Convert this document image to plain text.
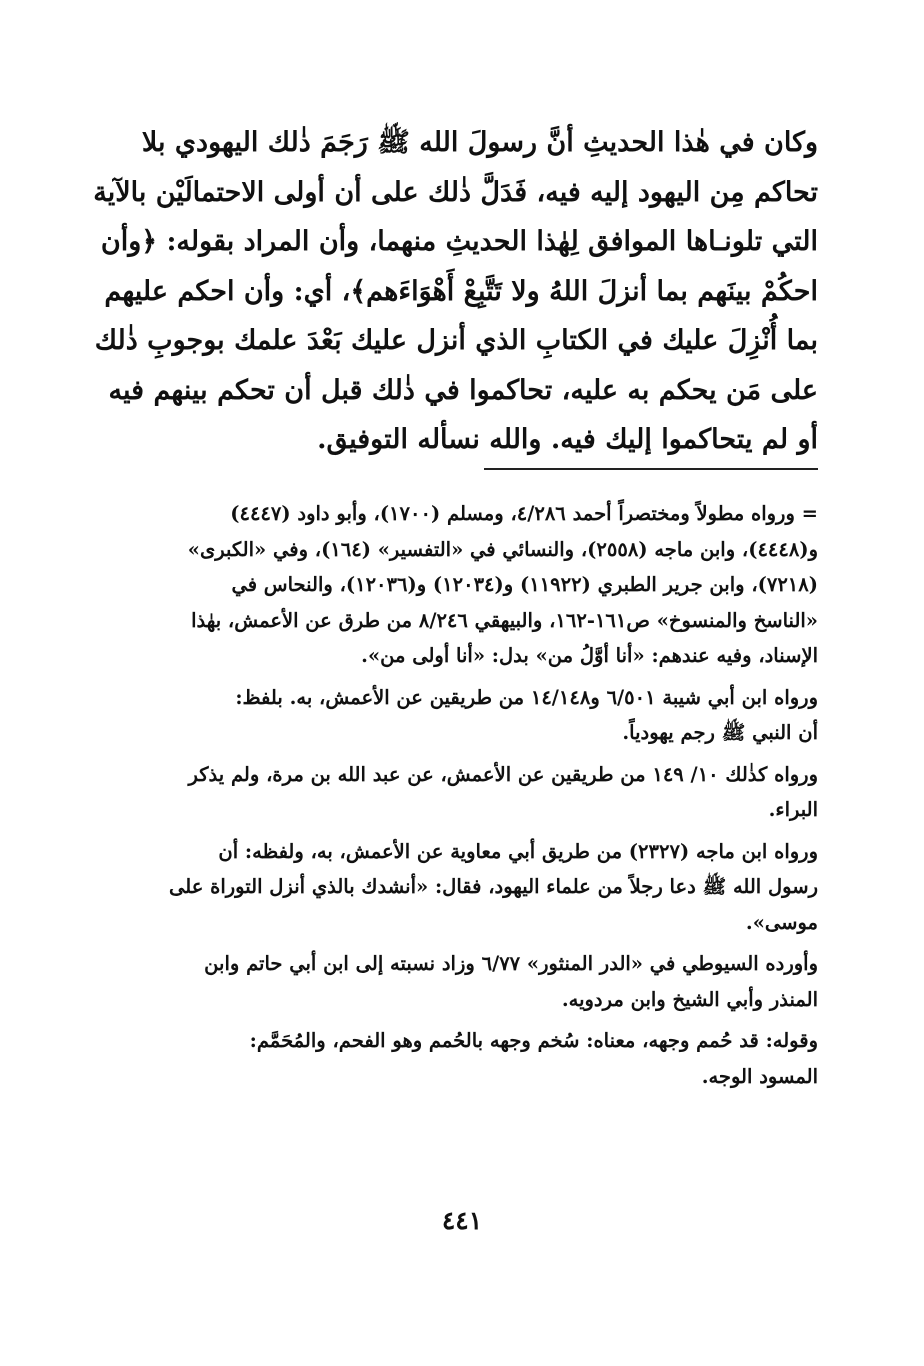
وكان في هٰذا الحديثِ أنَّ رسولَ الله ﷺ رَجَمَ ذٰلك اليهودي بلا
تحاكم مِن اليهود إليه فيه، فَدَلَّ ذٰلك على أن أولى الاحتمالَيْن بالآية
التي تلونـاها الموافق لِهٰذا الحديثِ منهما، وأن المراد بقوله: ﴿وأن
احكُمْ بينَهم بما أنزلَ اللهُ ولا تَتَّبِعْ أَهْوَاءَهم﴾، أي: وأن احكم عليهم
بما أُنْزِلَ عليك في الكتابِ الذي أنزل عليك بَعْدَ علمك بوجوبِ ذٰلك
على مَن يحكم به عليه، تحاكموا في ذٰلك قبل أن تحكم بينهم فيه
أو لم يتحاكموا إليك فيه. والله نسأله التوفيق.
= ورواه مطولاً ومختصراً أحمد ٤/٢٨٦، ومسلم (١٧٠٠)، وأبو داود (٤٤٤٧)
و(٤٤٤٨)، وابن ماجه (٢٥٥٨)، والنسائي في «التفسير» (١٦٤)، وفي «الكبرى»
(٧٢١٨)، وابن جرير الطبري (١١٩٢٢) و(١٢٠٣٤) و(١٢٠٣٦)، والنحاس في
«الناسخ والمنسوخ» ص١٦١-١٦٢، والبيهقي ٨/٢٤٦ من طرق عن الأعمش، بهٰذا
الإسناد، وفيه عندهم: «أنا أوَّلُ من» بدل: «أنا أولى من».
ورواه ابن أبي شيبة ٦/٥٠١ و١٤/١٤٨ من طريقين عن الأعمش، به. بلفظ:
أن النبي ﷺ رجم يهودياً.
ورواه كذٰلك ١٠/ ١٤٩ من طريقين عن الأعمش، عن عبد الله بن مرة، ولم يذكر
البراء.
ورواه ابن ماجه (٢٣٢٧) من طريق أبي معاوية عن الأعمش، به، ولفظه: أن
رسول الله ﷺ دعا رجلاً من علماء اليهود، فقال: «أنشدك بالذي أنزل التوراة على
موسى».
وأورده السيوطي في «الدر المنثور» ٦/٧٧ وزاد نسبته إلى ابن أبي حاتم وابن
المنذر وأبي الشيخ وابن مردويه.
وقوله: قد حُمم وجهه، معناه: سُخم وجهه بالحُمم وهو الفحم، والمُحَمَّم:
المسود الوجه.
٤٤١
